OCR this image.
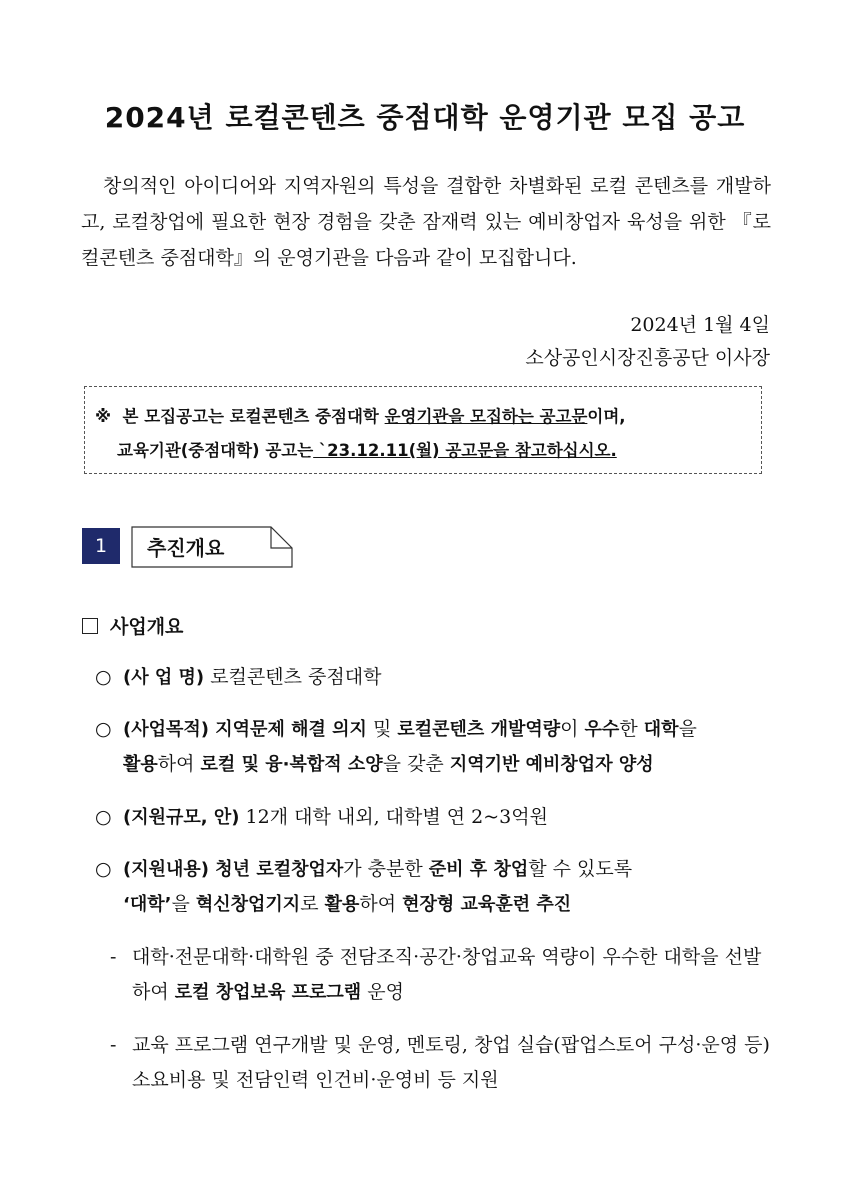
2024년 로컬콘텐츠 중점대학 운영기관 모집 공고

창의적인 아이디어와 지역자원의 특성을 결합한 차별화된 로컬 콘텐츠를 개발하고, 로컬창업에 필요한 현장 경험을 갖춘 잠재력 있는 예비창업자 육성을 위한 『로컬콘텐츠 중점대학』의 운영기관을 다음과 같이 모집합니다.

2024년 1월 4일
소상공인시장진흥공단 이사장
※ 본 모집공고는 로컬콘텐츠 중점대학 운영기관을 모집하는 공고문이며,
교육기관(중점대학) 공고는 `23.12.11(월) 공고문을 참고하십시오.
1	추진개요
사업개요
○ (사 업 명) 로컬콘텐츠 중점대학
○ (사업목적) 지역문제 해결 의지 및 로컬콘텐츠 개발역량이 우수한 대학을
활용하여 로컬 및 융·복합적 소양을 갖춘 지역기반 예비창업자 양성
○ (지원규모, 안) 12개 대학 내외, 대학별 연 2~3억원
○ (지원내용) 청년 로컬창업자가 충분한 준비 후 창업할 수 있도록
‘대학’을 혁신창업기지로 활용하여 현장형 교육훈련 추진
- 대학·전문대학·대학원 중 전담조직·공간·창업교육 역량이 우수한 대학을 선발하여 로컬 창업보육 프로그램 운영
- 교육 프로그램 연구개발 및 운영, 멘토링, 창업 실습(팝업스토어 구성·운영 등) 소요비용 및 전담인력 인건비·운영비 등 지원
